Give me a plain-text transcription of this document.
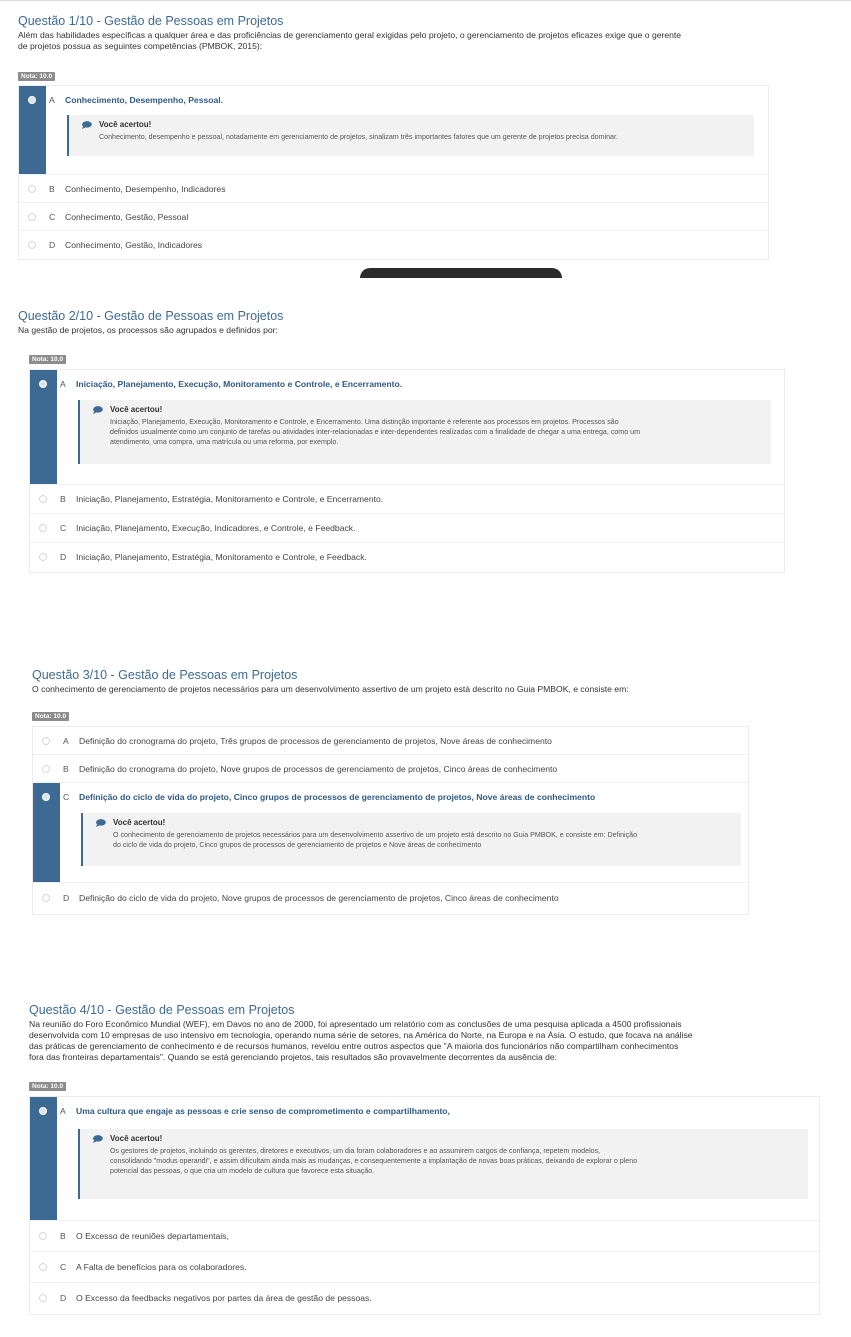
Questão 1/10 - Gestão de Pessoas em Projetos
Além das habilidades específicas a qualquer área e das proficiências de gerenciamento geral exigidas pelo projeto, o gerenciamento de projetos eficazes exige que o gerente
de projetos possua as seguintes competências (PMBOK, 2015):
Nota: 10.0
A Conhecimento, Desempenho, Pessoal.
Você acertou!
Conhecimento, desempenho e pessoal, notadamente em gerenciamento de projetos, sinalizam três importantes fatores que um gerente de projetos precisa dominar.
B Conhecimento, Desempenho, Indicadores
C Conhecimento, Gestão, Pessoal
D Conhecimento, Gestão, Indicadores
Questão 2/10 - Gestão de Pessoas em Projetos
Na gestão de projetos, os processos são agrupados e definidos por:
Nota: 10.0
A Iniciação, Planejamento, Execução, Monitoramento e Controle, e Encerramento.
Você acertou!
Iniciação, Planejamento, Execução, Monitoramento e Controle, e Encerramento. Uma distinção importante é referente aos processos em projetos. Processos são
definidos usualmente como um conjunto de tarefas ou atividades inter-relacionadas e inter-dependentes realizadas com a finalidade de chegar a uma entrega, como um
atendimento, uma compra, uma matrícula ou uma reforma, por exemplo.
B Iniciação, Planejamento, Estratégia, Monitoramento e Controle, e Encerramento.
C Iniciação, Planejamento, Execução, Indicadores, e Controle, e Feedback.
D Iniciação, Planejamento, Estratégia, Monitoramento e Controle, e Feedback.
Questão 3/10 - Gestão de Pessoas em Projetos
O conhecimento de gerenciamento de projetos necessários para um desenvolvimento assertivo de um projeto está descrito no Guia PMBOK, e consiste em:
Nota: 10.0
A Definição do cronograma do projeto, Três grupos de processos de gerenciamento de projetos, Nove áreas de conhecimento
B Definição do cronograma do projeto, Nove grupos de processos de gerenciamento de projetos, Cinco áreas de conhecimento
C Definição do ciclo de vida do projeto, Cinco grupos de processos de gerenciamento de projetos, Nove áreas de conhecimento
Você acertou!
O conhecimento de gerenciamento de projetos necessários para um desenvolvimento assertivo de um projeto está descrito no Guia PMBOK, e consiste em: Definição
do ciclo de vida do projeto, Cinco grupos de processos de gerenciamento de projetos e Nove áreas de conhecimento
D Definição do ciclo de vida do projeto, Nove grupos de processos de gerenciamento de projetos, Cinco áreas de conhecimento
Questão 4/10 - Gestão de Pessoas em Projetos
Na reunião do Foro Econômico Mundial (WEF), em Davos no ano de 2000, foi apresentado um relatório com as conclusões de uma pesquisa aplicada a 4500 profissionais
desenvolvida com 10 empresas de uso intensivo em tecnologia, operando numa série de setores, na América do Norte, na Europa e na Ásia. O estudo, que focava na análise
das práticas de gerenciamento de conhecimento e de recursos humanos, revelou entre outros aspectos que "A maioria dos funcionários não compartilham conhecimentos
fora das fronteiras departamentais". Quando se está gerenciando projetos, tais resultados são provavelmente decorrentes da ausência de:
Nota: 10.0
A Uma cultura que engaje as pessoas e crie senso de comprometimento e compartilhamento,
Você acertou!
Os gestores de projetos, incluindo os gerentes, diretores e executivos, um dia foram colaboradores e ao assumirem cargos de confiança, repetem modelos,
consolidando "modus operandi", e assim dificultam ainda mais as mudanças, e consequentemente a implantação de novas boas práticas, deixando de explorar o pleno
potencial das pessoas, o que cria um modelo de cultura que favorece esta situação.
B O Excesso de reuniões departamentais,
C A Falta de benefícios para os colaboradores.
D O Excesso da feedbacks negativos por partes da área de gestão de pessoas.
